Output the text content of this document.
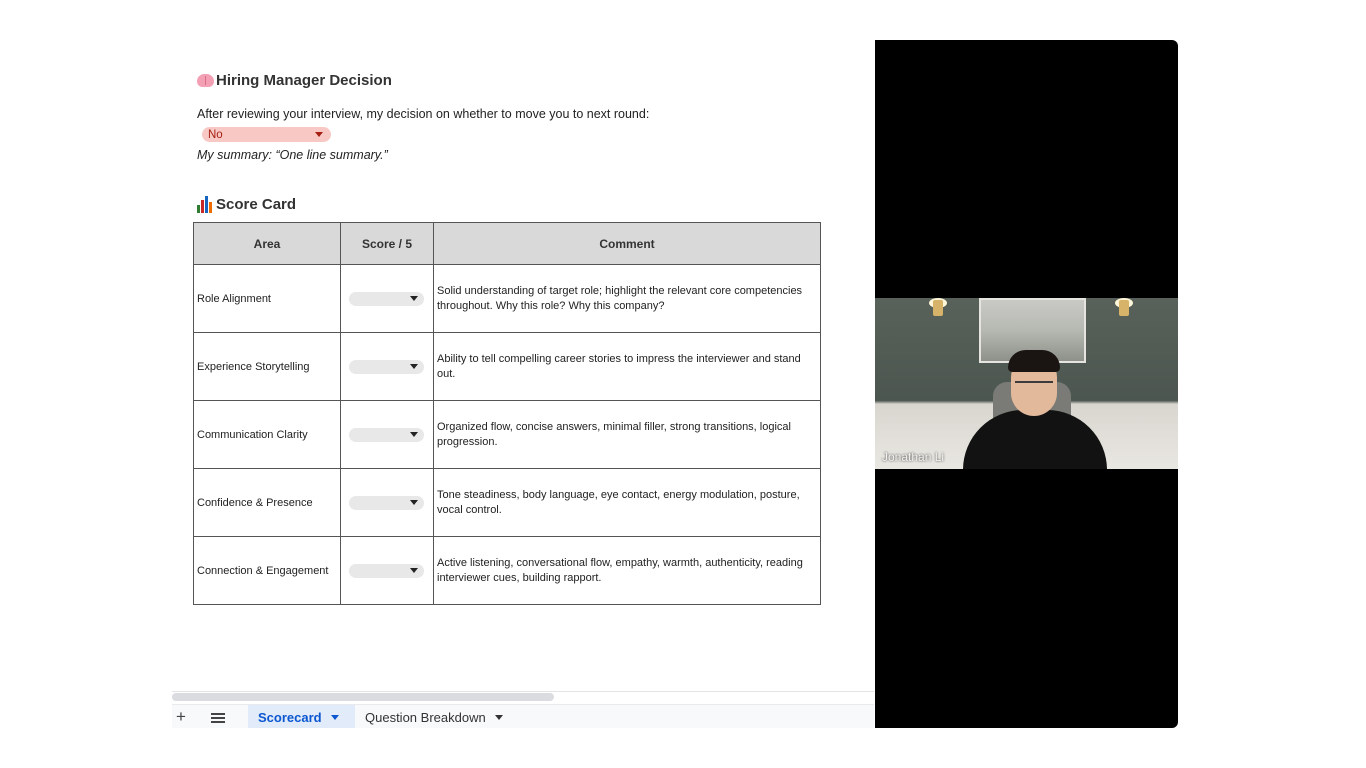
Hiring Manager Decision
After reviewing your interview, my decision on whether to move you to next round:
No
My summary: “One line summary.”
Score Card
Area	Score / 5	Comment
Role Alignment		Solid understanding of target role; highlight the relevant core competencies throughout. Why this role? Why this company?
Experience Storytelling		Ability to tell compelling career stories to impress the interviewer and stand out.
Communication Clarity		Organized flow, concise answers, minimal filler, strong transitions, logical progression.
Confidence & Presence		Tone steadiness, body language, eye contact, energy modulation, posture, vocal control.
Connection & Engagement		Active listening, conversational flow, empathy, warmth, authenticity, reading interviewer cues, building rapport.
+	Scorecard	Question Breakdown
Jonathan Li
